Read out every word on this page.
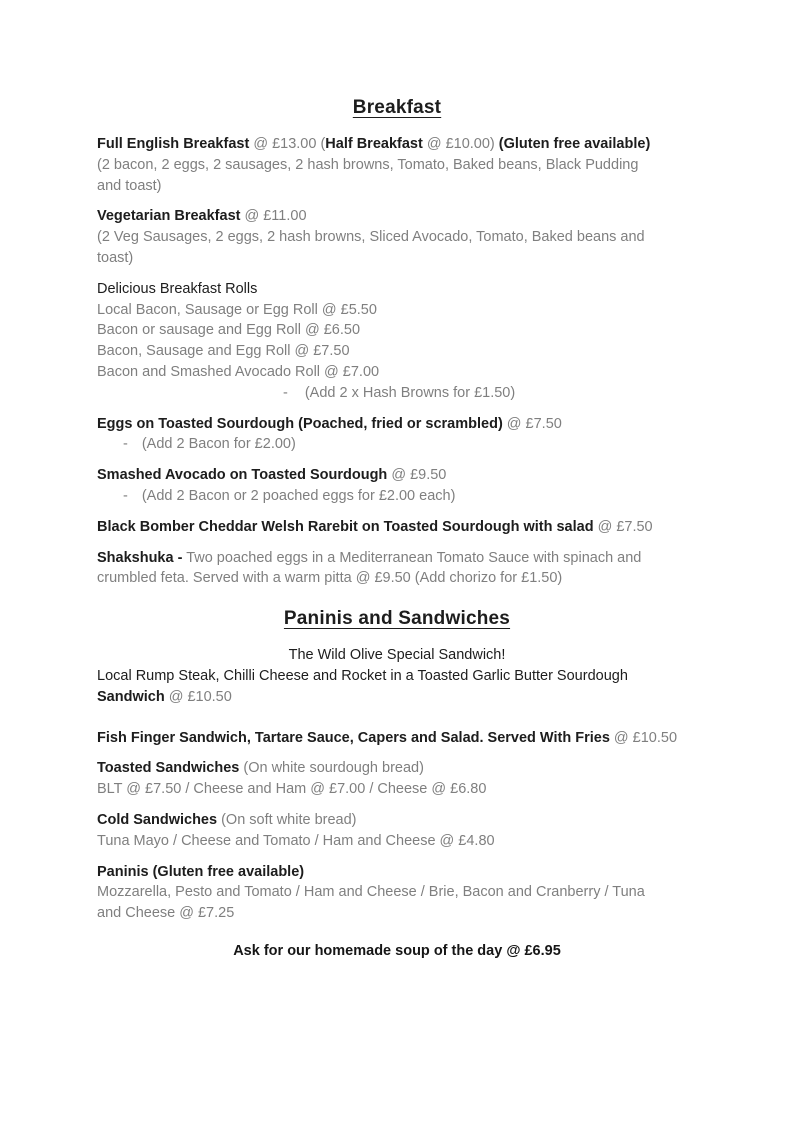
Breakfast
Full English Breakfast @ £13.00 (Half Breakfast @ £10.00) (Gluten free available)
(2 bacon, 2 eggs, 2 sausages, 2 hash browns, Tomato, Baked beans, Black Pudding
and toast)
Vegetarian Breakfast @ £11.00
(2 Veg Sausages, 2 eggs, 2 hash browns, Sliced Avocado, Tomato, Baked beans and
toast)
Delicious Breakfast Rolls
Local Bacon, Sausage or Egg Roll @ £5.50
Bacon or sausage and Egg Roll @ £6.50
Bacon, Sausage and Egg Roll @ £7.50
Bacon and Smashed Avocado Roll @ £7.00
- (Add 2 x Hash Browns for £1.50)
Eggs on Toasted Sourdough (Poached, fried or scrambled) @ £7.50
- (Add 2 Bacon for £2.00)
Smashed Avocado on Toasted Sourdough @ £9.50
- (Add 2 Bacon or 2 poached eggs for £2.00 each)
Black Bomber Cheddar Welsh Rarebit on Toasted Sourdough with salad @ £7.50
Shakshuka - Two poached eggs in a Mediterranean Tomato Sauce with spinach and
crumbled feta. Served with a warm pitta @ £9.50 (Add chorizo for £1.50)
Paninis and Sandwiches
The Wild Olive Special Sandwich!
Local Rump Steak, Chilli Cheese and Rocket in a Toasted Garlic Butter Sourdough
Sandwich @ £10.50
Fish Finger Sandwich, Tartare Sauce, Capers and Salad. Served With Fries @ £10.50
Toasted Sandwiches (On white sourdough bread)
BLT @ £7.50 / Cheese and Ham @ £7.00 / Cheese @ £6.80
Cold Sandwiches (On soft white bread)
Tuna Mayo / Cheese and Tomato / Ham and Cheese @ £4.80
Paninis (Gluten free available)
Mozzarella, Pesto and Tomato / Ham and Cheese / Brie, Bacon and Cranberry / Tuna
and Cheese @ £7.25
Ask for our homemade soup of the day @ £6.95
